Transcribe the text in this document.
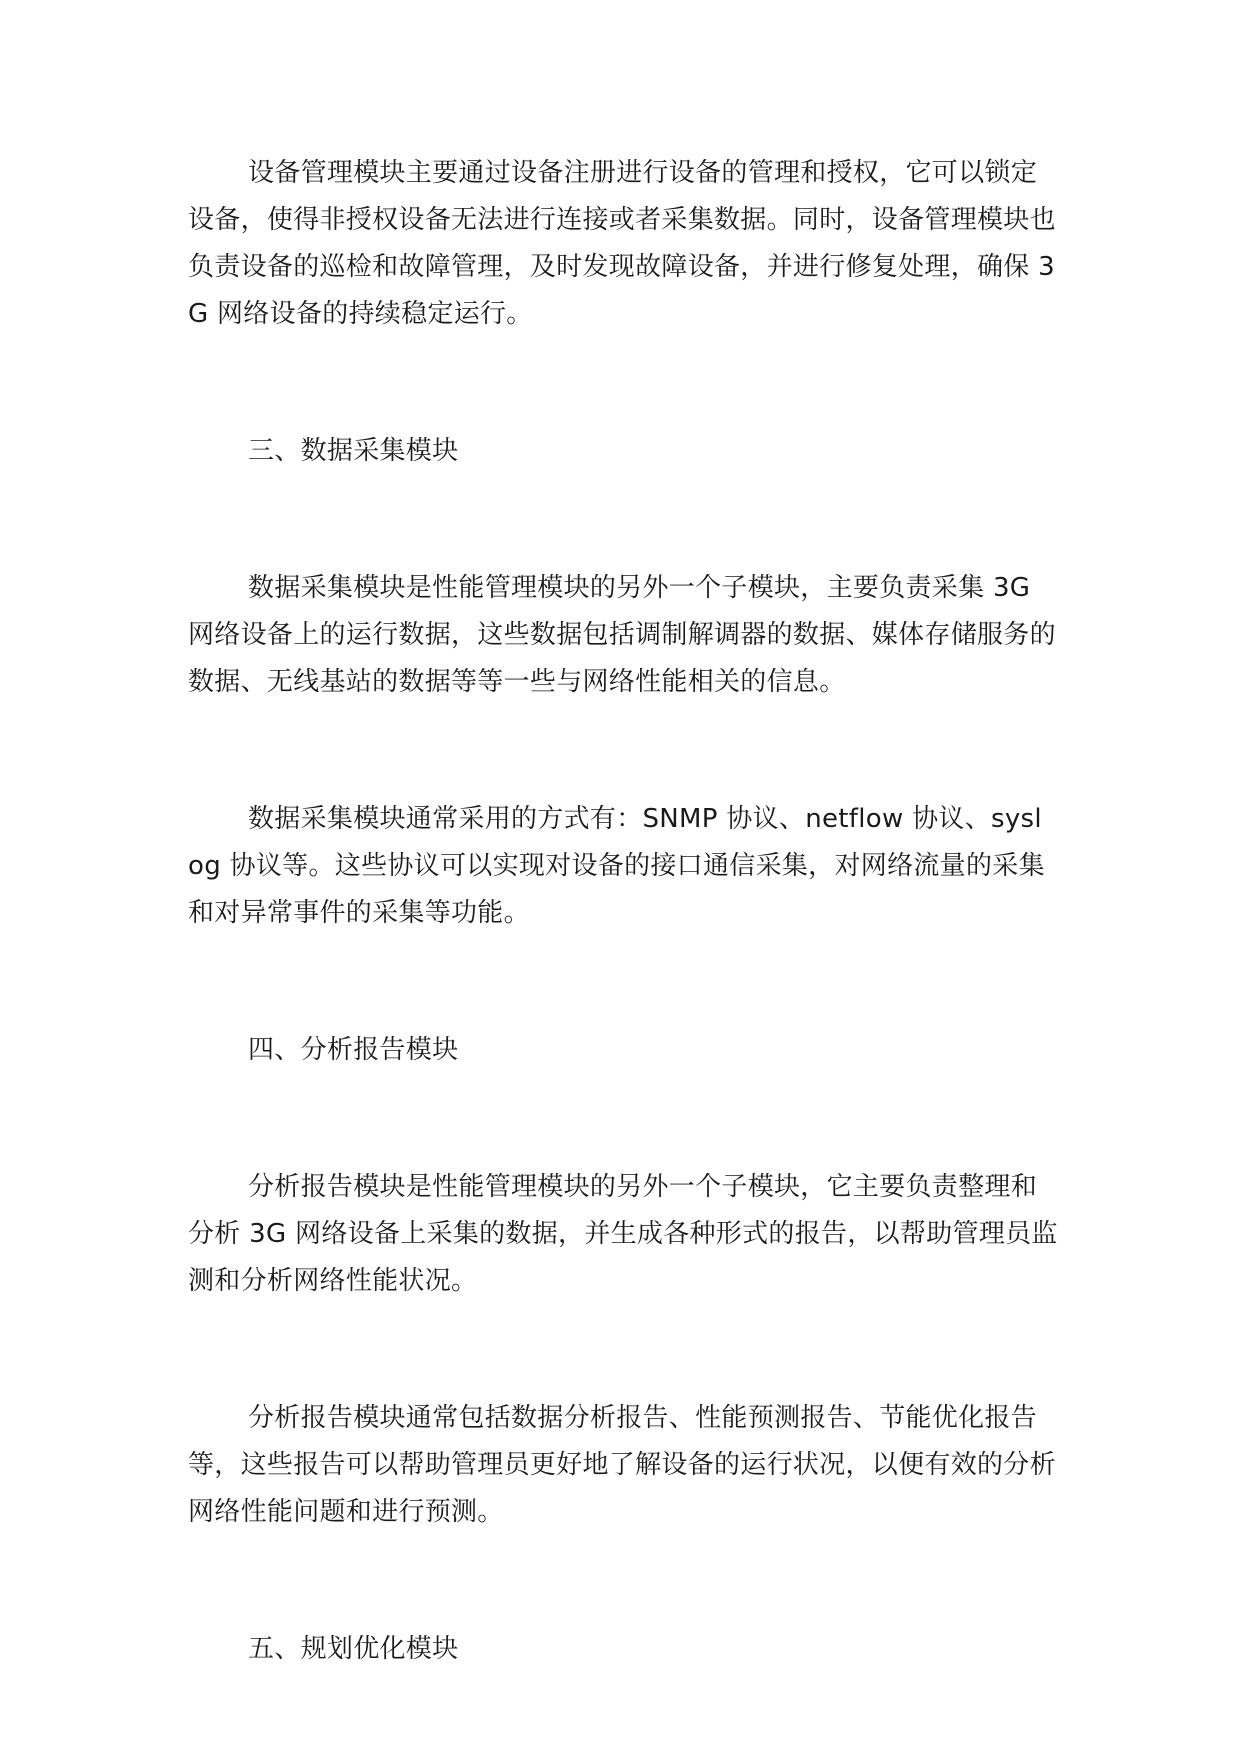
设备管理模块主要通过设备注册进行设备的管理和授权，它可以锁定设备，使得非授权设备无法进行连接或者采集数据。同时，设备管理模块也负责设备的巡检和故障管理，及时发现故障设备，并进行修复处理，确保 3G 网络设备的持续稳定运行。

三、数据采集模块

数据采集模块是性能管理模块的另外一个子模块，主要负责采集 3G 网络设备上的运行数据，这些数据包括调制解调器的数据、媒体存储服务的数据、无线基站的数据等等一些与网络性能相关的信息。

数据采集模块通常采用的方式有：SNMP 协议、netflow 协议、syslog 协议等。这些协议可以实现对设备的接口通信采集，对网络流量的采集和对异常事件的采集等功能。

四、分析报告模块

分析报告模块是性能管理模块的另外一个子模块，它主要负责整理和分析 3G 网络设备上采集的数据，并生成各种形式的报告，以帮助管理员监测和分析网络性能状况。

分析报告模块通常包括数据分析报告、性能预测报告、节能优化报告等，这些报告可以帮助管理员更好地了解设备的运行状况，以便有效的分析网络性能问题和进行预测。

五、规划优化模块
